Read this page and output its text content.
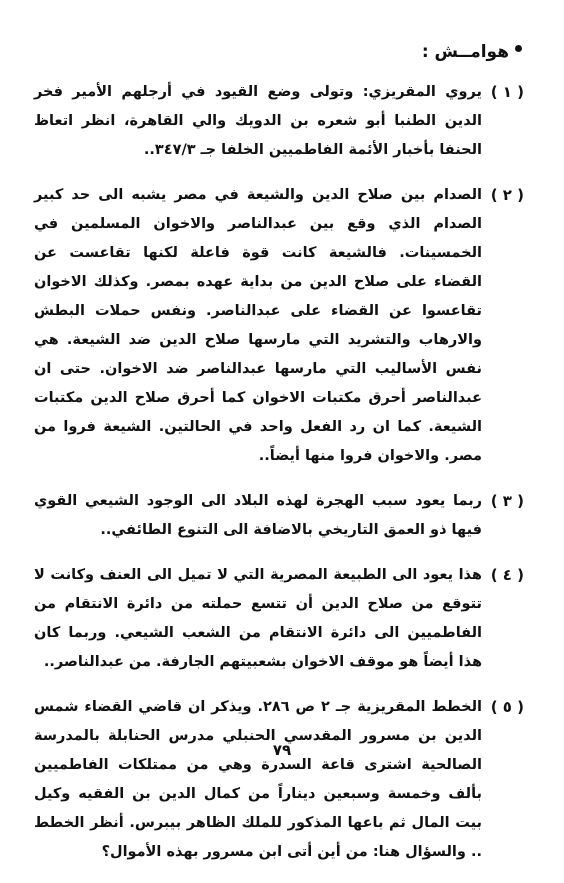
هوامــش :
( ١ )
يروي المقريزي: وتولى وضع القيود في أرجلهم الأمير فخر الدين الطنبا أبو شعره بن الدويك والي القاهرة، انظر اتعاظ الحنفا بأخبار الأئمة الفاطميين الخلفا جـ ٣٤٧/٣..
( ٢ )
الصدام بين صلاح الدين والشيعة في مصر يشبه الى حد كبير الصدام الذي وقع بين عبدالناصر والاخوان المسلمين في الخمسينات. فالشيعة كانت قوة فاعلة لكنها تقاعست عن القضاء على صلاح الدين من بداية عهده بمصر. وكذلك الاخوان تقاعسوا عن القضاء على عبدالناصر. ونفس حملات البطش والارهاب والتشريد التي مارسها صلاح الدين ضد الشيعة. هي نفس الأساليب التي مارسها عبدالناصر ضد الاخوان. حتى ان عبدالناصر أحرق مكتبات الاخوان كما أحرق صلاح الدين مكتبات الشيعة. كما ان رد الفعل واحد في الحالتين. الشيعة فروا من مصر. والاخوان فروا منها أيضاً..
( ٣ )
ربما يعود سبب الهجرة لهذه البلاد الى الوجود الشيعي القوي فيها ذو العمق التاريخي بالاضافة الى التنوع الطائفي..
( ٤ )
هذا يعود الى الطبيعة المصرية التي لا تميل الى العنف وكانت لا تتوقع من صلاح الدين أن تتسع حملته من دائرة الانتقام من الفاطميين الى دائرة الانتقام من الشعب الشيعي. وربما كان هذا أيضاً هو موقف الاخوان بشعبيتهم الجارفة. من عبدالناصر..
( ٥ )
الخطط المقريزية جـ ٢ ص ٢٨٦. ويذكر ان قاضي القضاء شمس الدين بن مسرور المقدسي الحنبلي مدرس الحنابلة بالمدرسة الصالحية اشترى قاعة السدرة وهي من ممتلكات الفاطميين بألف وخمسة وسبعين ديناراً من كمال الدين بن الفقيه وكيل بيت المال ثم باعها المذكور للملك الظاهر بيبرس. أنظر الخطط .. والسؤال هنا: من أين أتى ابن مسرور بهذه الأموال؟
٧٩
